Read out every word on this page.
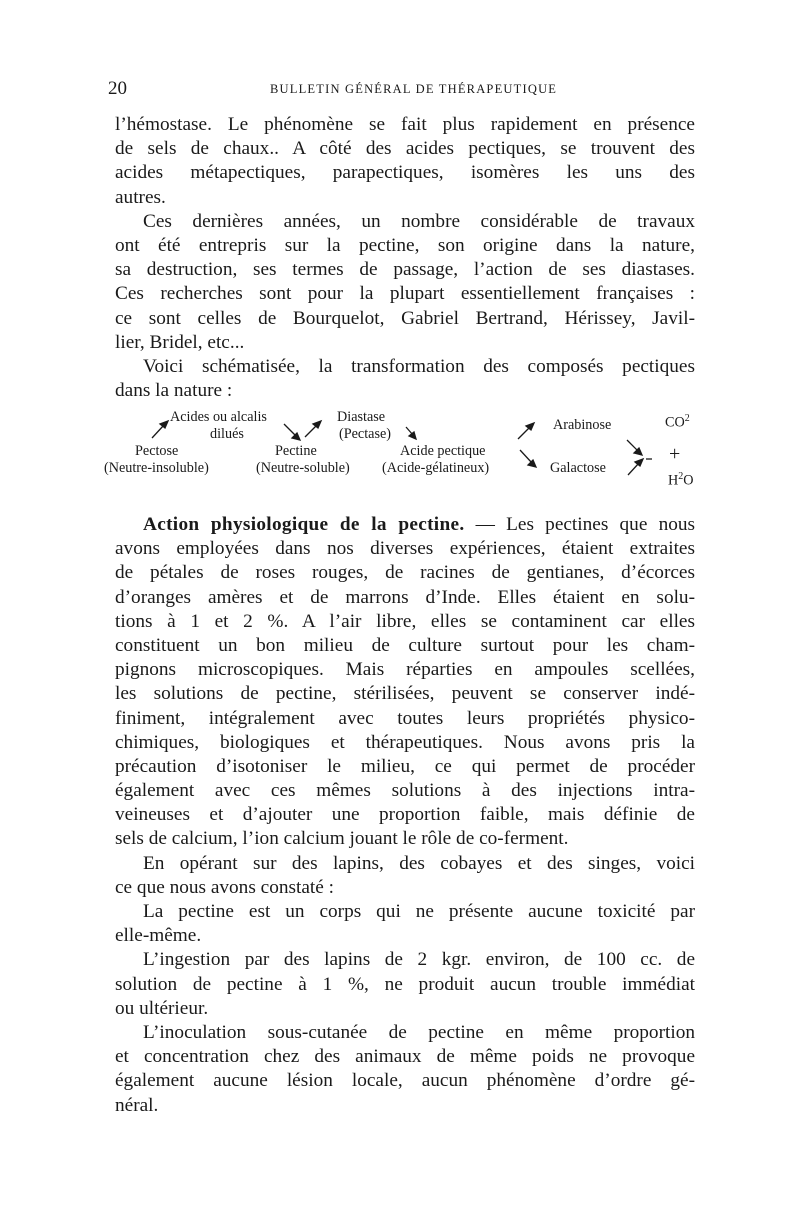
20	BULLETIN GÉNÉRAL DE THÉRAPEUTIQUE
l’hémostase. Le phénomène se fait plus rapidement en présence
de sels de chaux.. A côté des acides pectiques, se trouvent des
acides métapectiques, parapectiques, isomères les uns des
autres.
Ces dernières années, un nombre considérable de travaux
ont été entrepris sur la pectine, son origine dans la nature,
sa destruction, ses termes de passage, l’action de ses diastases.
Ces recherches sont pour la plupart essentiellement françaises :
ce sont celles de Bourquelot, Gabriel Bertrand, Hérissey, Javil-
lier, Bridel, etc...
Voici schématisée, la transformation des composés pectiques
dans la nature :
Acides ou alcalis
dilués
Diastase
(Pectase)
Pectose
(Neutre-insoluble)
Pectine
(Neutre-soluble)
Acide pectique
(Acide-gélatineux)
Arabinose
Galactose
$CO^2$
+
$H^2O$
Action physiologique de la pectine. — Les pectines que nous
avons employées dans nos diverses expériences, étaient extraites
de pétales de roses rouges, de racines de gentianes, d’écorces
d’oranges amères et de marrons d’Inde. Elles étaient en solu-
tions à 1 et 2 %. A l’air libre, elles se contaminent car elles
constituent un bon milieu de culture surtout pour les cham-
pignons microscopiques. Mais réparties en ampoules scellées,
les solutions de pectine, stérilisées, peuvent se conserver indé-
finiment, intégralement avec toutes leurs propriétés physico-
chimiques, biologiques et thérapeutiques. Nous avons pris la
précaution d’isotoniser le milieu, ce qui permet de procéder
également avec ces mêmes solutions à des injections intra-
veineuses et d’ajouter une proportion faible, mais définie de
sels de calcium, l’ion calcium jouant le rôle de co-ferment.
En opérant sur des lapins, des cobayes et des singes, voici
ce que nous avons constaté :
La pectine est un corps qui ne présente aucune toxicité par
elle-même.
L’ingestion par des lapins de 2 kgr. environ, de 100 cc. de
solution de pectine à 1 %, ne produit aucun trouble immédiat
ou ultérieur.
L’inoculation sous-cutanée de pectine en même proportion
et concentration chez des animaux de même poids ne provoque
également aucune lésion locale, aucun phénomène d’ordre gé-
néral.
